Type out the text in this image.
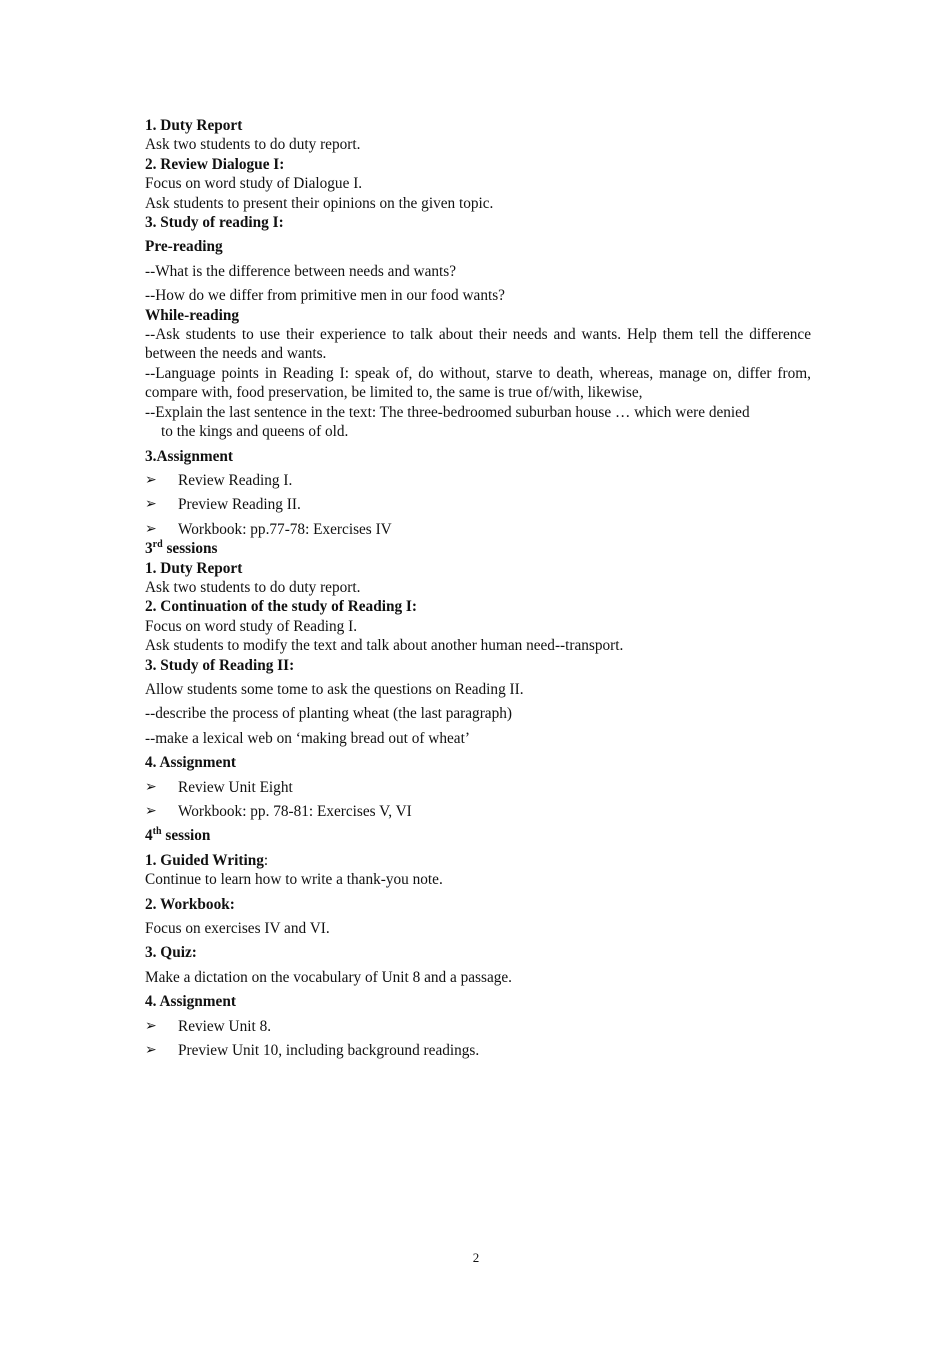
1. Duty Report
Ask two students to do duty report.
2. Review Dialogue I:
Focus on word study of Dialogue I.
Ask students to present their opinions on the given topic.
3. Study of reading I:
Pre-reading
--What is the difference between needs and wants?
--How do we differ from primitive men in our food wants?
While-reading
--Ask students to use their experience to talk about their needs and wants. Help them tell the difference between the needs and wants.
--Language points in Reading I: speak of, do without, starve to death, whereas, manage on, differ from, compare with, food preservation, be limited to, the same is true of/with, likewise,
--Explain the last sentence in the text: The three-bedroomed suburban house … which were denied
to the kings and queens of old.
3.Assignment
➢ Review Reading I.
➢ Preview Reading II.
➢ Workbook: pp.77-78: Exercises IV
3rd sessions
1. Duty Report
Ask two students to do duty report.
2. Continuation of the study of Reading I:
Focus on word study of Reading I.
Ask students to modify the text and talk about another human need--transport.
3. Study of Reading II:
Allow students some tome to ask the questions on Reading II.
--describe the process of planting wheat (the last paragraph)
--make a lexical web on ‘making bread out of wheat’
4. Assignment
➢ Review Unit Eight
➢ Workbook: pp. 78-81: Exercises V, VI
4th session
1. Guided Writing:
Continue to learn how to write a thank-you note.
2. Workbook:
Focus on exercises IV and VI.
3. Quiz:
Make a dictation on the vocabulary of Unit 8 and a passage.
4. Assignment
➢ Review Unit 8.
➢ Preview Unit 10, including background readings.
2
